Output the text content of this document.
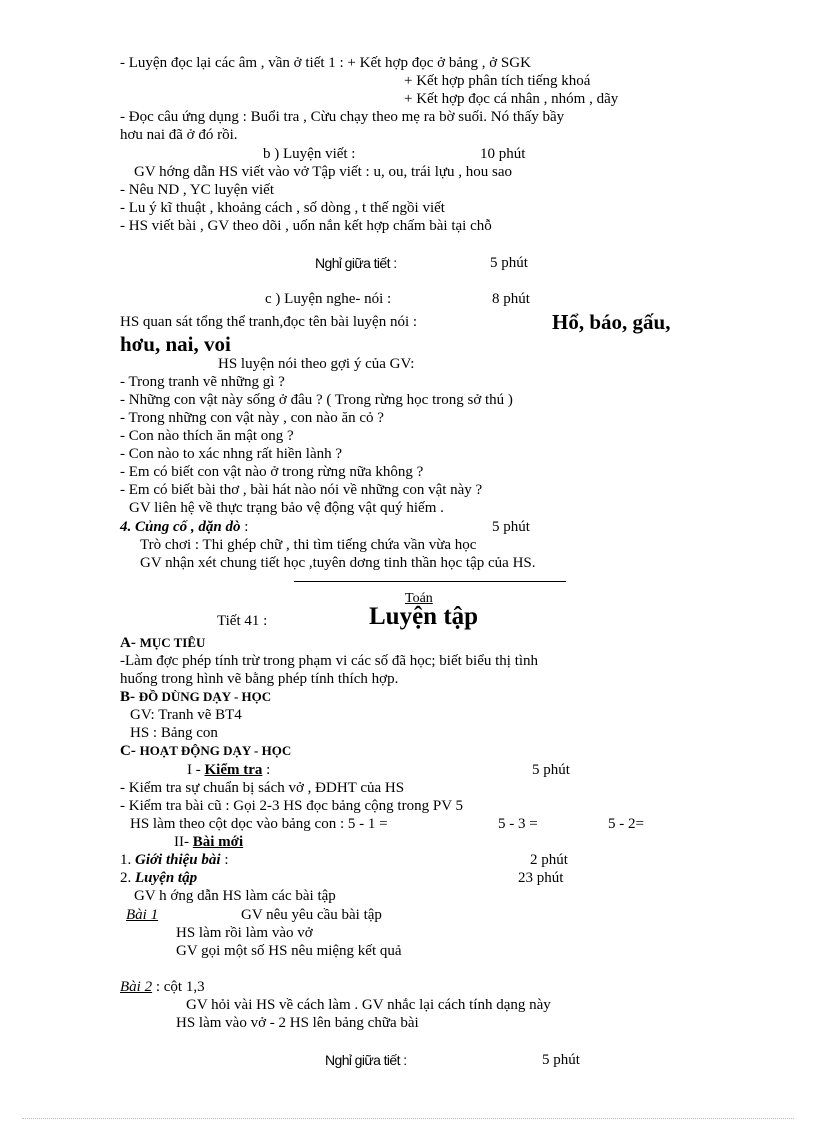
- Luyện đọc lại các âm , vần ở tiết 1 : + Kết hợp đọc ở bảng , ở SGK
+ Kết hợp phân tích tiếng khoá
+ Kết hợp đọc cá nhân , nhóm , dãy
- Đọc câu ứng dụng : Buổi tra , Cừu chạy theo mẹ ra bờ suối. Nó thấy bầy
hơu nai đã ở đó rồi.
b ) Luyện viết :	10 phút
GV hớng dẫn HS viết vào vở Tập viết : u, ou, trái lựu , hou sao
- Nêu ND , YC luyện viết
- Lu ý kĩ thuật , khoảng cách , số dòng , t thế ngồi viết
- HS viết bài , GV theo dõi , uốn nắn kết hợp chấm bài tại chỗ
Nghỉ giữa tiết :	5 phút
c ) Luyện nghe- nói :	8 phút
HS quan sát tổng thể tranh,đọc tên bài luyện nói :	Hổ, báo, gấu,
hơu, nai, voi
HS luyện nói theo gợi ý của GV:
- Trong tranh vẽ những gì ?
- Những con vật này sống ở đâu ? ( Trong rừng học trong sở thú )
- Trong những con vật này , con nào ăn cỏ ?
- Con nào thích ăn mật ong ?
- Con nào to xác nhng rất hiền lành ?
- Em có biết con vật nào ở trong rừng nữa không ?
- Em có biết bài thơ , bài hát nào nói về những con vật này ?
GV liên hệ về thực trạng bảo vệ động vật quý hiếm .
4. Củng cố , dặn dò :	5 phút
Trò chơi : Thi ghép chữ , thi tìm tiếng chứa vần vừa học
GV nhận xét chung tiết học ,tuyên dơng tinh thần học tập của HS.
Toán
Tiết 41 :	Luyện tập
A- MỤC TIÊU
-Làm đợc phép tính trừ trong phạm vi các số đã học; biết biểu thị tình
huống trong hình vẽ bằng phép tính thích hợp.
B- ĐỒ DÙNG DẠY - HỌC
GV: Tranh vẽ BT4
HS : Bảng con
C- HOẠT ĐỘNG DẠY - HỌC
I - Kiểm tra :	5 phút
- Kiểm tra sự chuẩn bị sách vở , ĐDHT của HS
- Kiểm tra bài cũ : Gọi 2-3 HS đọc bảng cộng trong PV 5
HS làm theo cột dọc vào bảng con : 5 - 1 =	5 - 3 =	5 - 2=
II- Bài mới
1. Giới thiệu bài :	2 phút
2. Luyện tập	23 phút
GV h ớng dẫn HS làm các bài tập
Bài 1	GV nêu yêu cầu bài tập
HS làm rồi làm vào vở
GV gọi một số HS nêu miệng kết quả
Bài 2 : cột 1,3
GV hỏi vài HS về cách làm . GV nhắc lại cách tính dạng này
HS làm vào vở - 2 HS lên bảng chữa bài
Nghỉ giữa tiết :	5 phút
